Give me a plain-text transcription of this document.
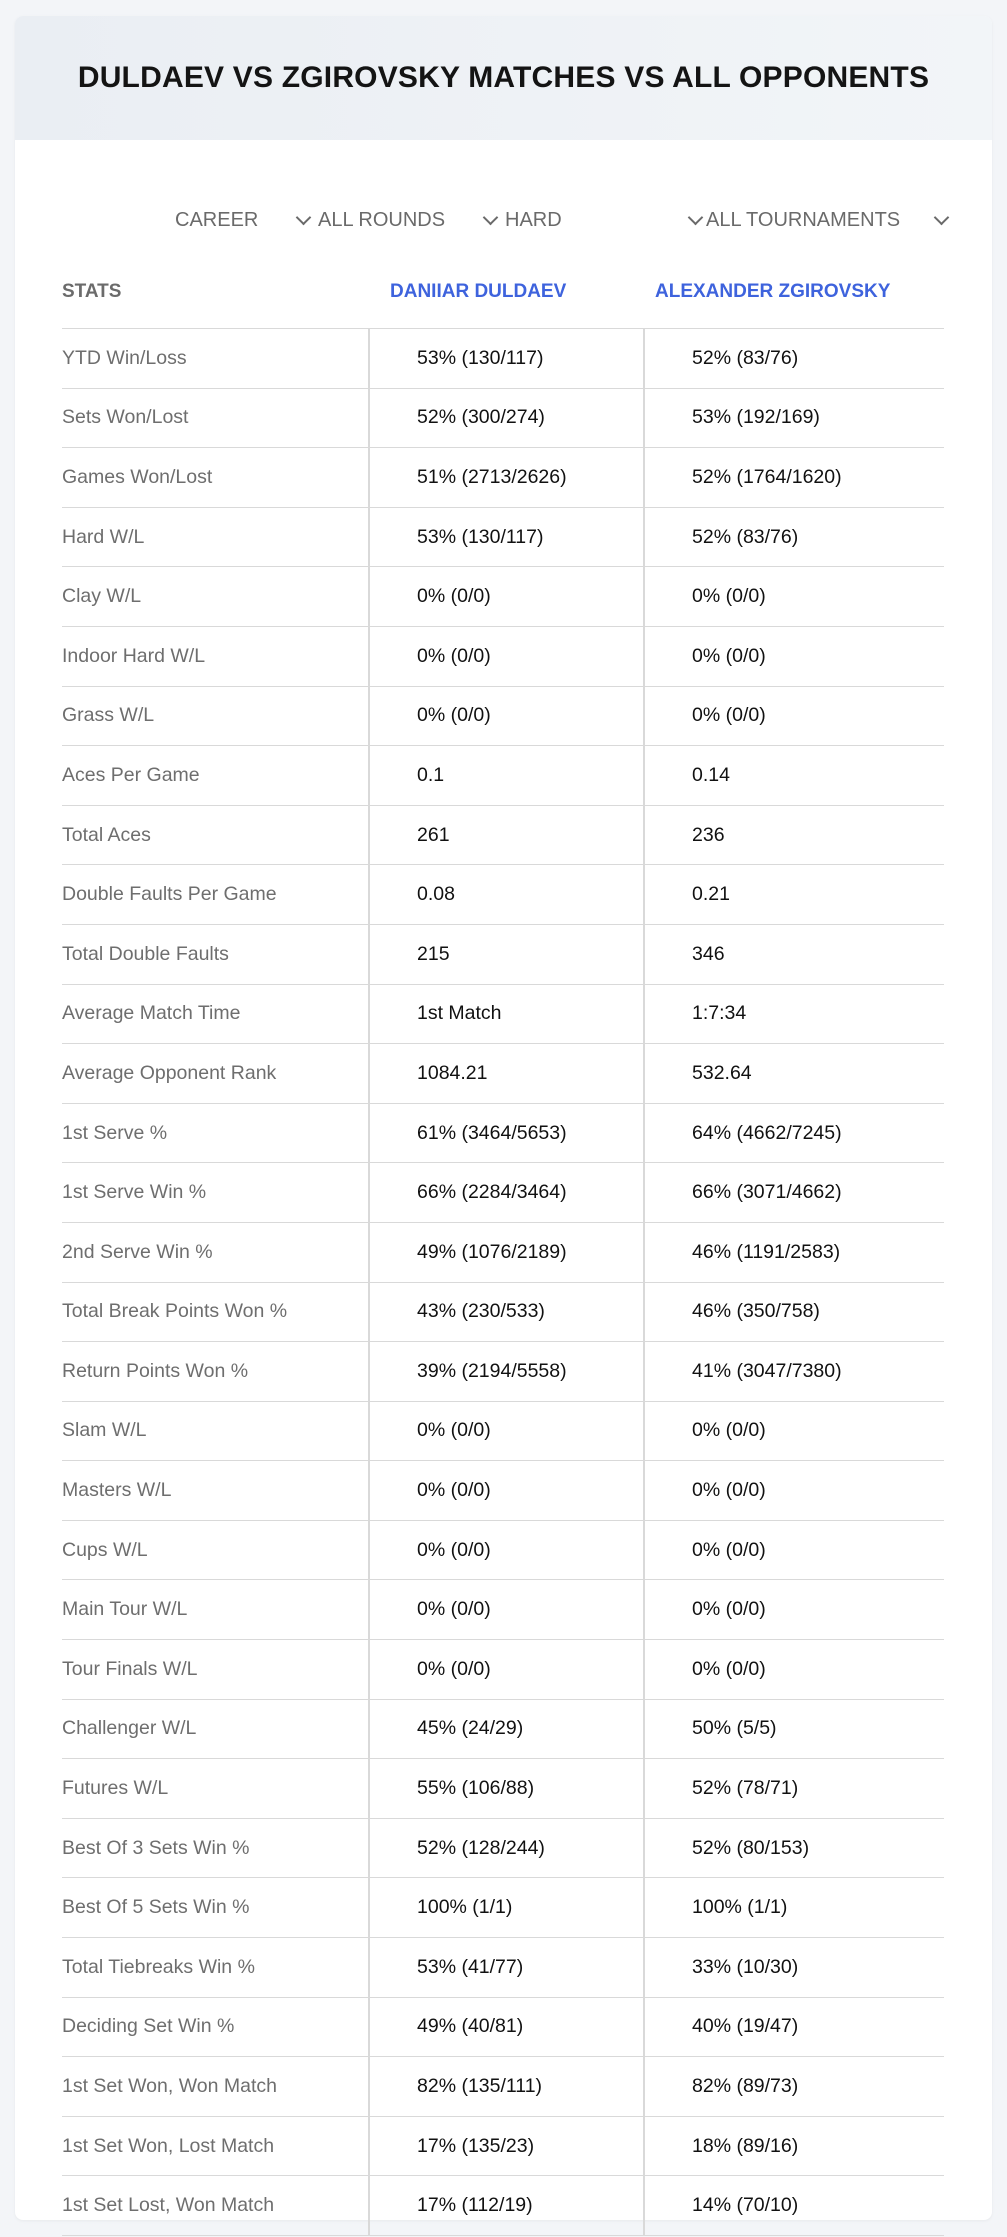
DULDAEV VS ZGIROVSKY MATCHES VS ALL OPPONENTS
CAREER	ALL ROUNDS	HARD	ALL TOURNAMENTS
STATS	DANIIAR DULDAEV	ALEXANDER ZGIROVSKY
YTD Win/Loss	53% (130/117)	52% (83/76)
Sets Won/Lost	52% (300/274)	53% (192/169)
Games Won/Lost	51% (2713/2626)	52% (1764/1620)
Hard W/L	53% (130/117)	52% (83/76)
Clay W/L	0% (0/0)	0% (0/0)
Indoor Hard W/L	0% (0/0)	0% (0/0)
Grass W/L	0% (0/0)	0% (0/0)
Aces Per Game	0.1	0.14
Total Aces	261	236
Double Faults Per Game	0.08	0.21
Total Double Faults	215	346
Average Match Time	1st Match	1:7:34
Average Opponent Rank	1084.21	532.64
1st Serve %	61% (3464/5653)	64% (4662/7245)
1st Serve Win %	66% (2284/3464)	66% (3071/4662)
2nd Serve Win %	49% (1076/2189)	46% (1191/2583)
Total Break Points Won %	43% (230/533)	46% (350/758)
Return Points Won %	39% (2194/5558)	41% (3047/7380)
Slam W/L	0% (0/0)	0% (0/0)
Masters W/L	0% (0/0)	0% (0/0)
Cups W/L	0% (0/0)	0% (0/0)
Main Tour W/L	0% (0/0)	0% (0/0)
Tour Finals W/L	0% (0/0)	0% (0/0)
Challenger W/L	45% (24/29)	50% (5/5)
Futures W/L	55% (106/88)	52% (78/71)
Best Of 3 Sets Win %	52% (128/244)	52% (80/153)
Best Of 5 Sets Win %	100% (1/1)	100% (1/1)
Total Tiebreaks Win %	53% (41/77)	33% (10/30)
Deciding Set Win %	49% (40/81)	40% (19/47)
1st Set Won, Won Match	82% (135/111)	82% (89/73)
1st Set Won, Lost Match	17% (135/23)	18% (89/16)
1st Set Lost, Won Match	17% (112/19)	14% (70/10)
